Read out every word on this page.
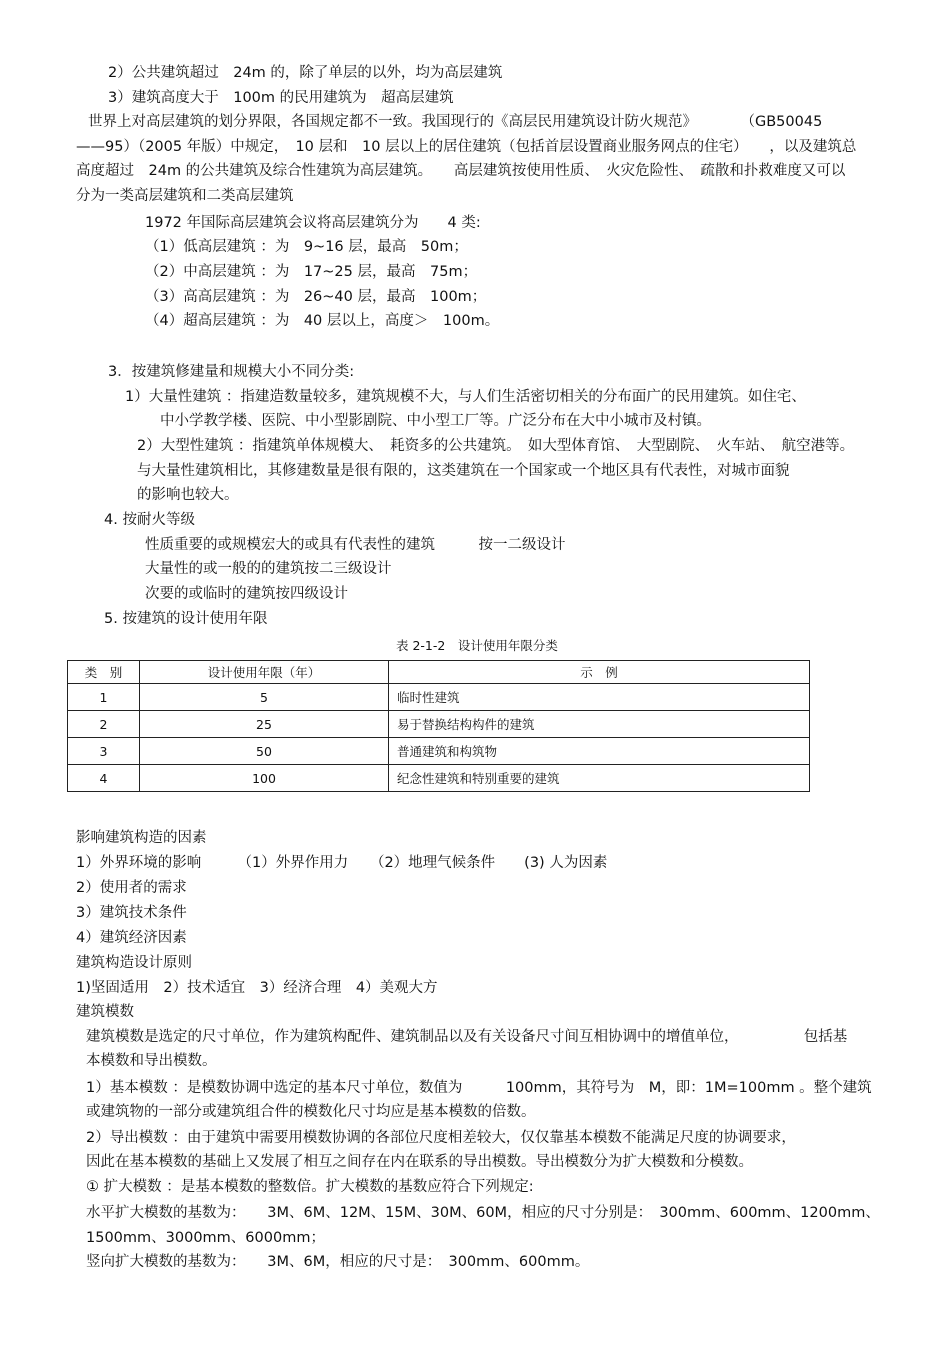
2）公共建筑超过　24m 的，除了单层的以外，均为高层建筑
3）建筑高度大于　100m 的民用建筑为　超高层建筑
世界上对高层建筑的划分界限，各国规定都不一致。我国现行的《高层民用建筑设计防火规范》　　　　（GB50045
——95）（2005 年版）中规定，　10 层和　10 层以上的居住建筑（包括首层设置商业服务网点的住宅）　　，以及建筑总
高度超过　24m 的公共建筑及综合性建筑为高层建筑。　　高层建筑按使用性质、　火灾危险性、　疏散和扑救难度又可以
分为一类高层建筑和二类高层建筑
1972 年国际高层建筑会议将高层建筑分为　　4 类:
（1）低高层建筑 ：为　9~16 层，最高　50m；
（2）中高层建筑 ：为　17~25 层，最高　75m；
（3）高高层建筑 ：为　26~40 层，最高　100m；
（4）超高层建筑 ：为　40 层以上，高度＞　100m。
3．按建筑修建量和规模大小不同分类:
1）大量性建筑 ：指建造数量较多，建筑规模不大，与人们生活密切相关的分布面广的民用建筑。如住宅、
中小学教学楼、医院、中小型影剧院、中小型工厂等。广泛分布在大中小城市及村镇。
2）大型性建筑 ：指建筑单体规模大、　耗资多的公共建筑。　如大型体育馆、　大型剧院、　火车站、　航空港等。
与大量性建筑相比，其修建数量是很有限的，这类建筑在一个国家或一个地区具有代表性，对城市面貌
的影响也较大。
4. 按耐火等级
性质重要的或规模宏大的或具有代表性的建筑　　　按一二级设计
大量性的或一般的的建筑按二三级设计
次要的或临时的建筑按四级设计
5. 按建筑的设计使用年限
表 2-1-2　设计使用年限分类
类　别	设计使用年限（年）	示　例
1	5	临时性建筑
2	25	易于替换结构构件的建筑
3	50	普通建筑和构筑物
4	100	纪念性建筑和特别重要的建筑
影响建筑构造的因素
1）外界环境的影响　　　（1）外界作用力　　（2）地理气候条件　　(3) 人为因素
2）使用者的需求
3）建筑技术条件
4）建筑经济因素
建筑构造设计原则
1)坚固适用　2）技术适宜　3）经济合理　4）美观大方
建筑模数
建筑模数是选定的尺寸单位，作为建筑构配件、建筑制品以及有关设备尺寸间互相协调中的增值单位，　　　　　包括基
本模数和导出模数。
1）基本模数 ：是模数协调中选定的基本尺寸单位，数值为　　　100mm，其符号为　M，即：1M=100mm 。整个建筑
或建筑物的一部分或建筑组合件的模数化尺寸均应是基本模数的倍数。
2）导出模数 ：由于建筑中需要用模数协调的各部位尺度相差较大，仅仅靠基本模数不能满足尺度的协调要求，
因此在基本模数的基础上又发展了相互之间存在内在联系的导出模数。导出模数分为扩大模数和分模数。
① 扩大模数 ：是基本模数的整数倍。扩大模数的基数应符合下列规定:
水平扩大模数的基数为：　　3M、6M、12M、15M、30M、60M，相应的尺寸分别是：　300mm、600mm、1200mm、
1500mm、3000mm、6000mm；
竖向扩大模数的基数为：　　3M、6M，相应的尺寸是：　300mm、600mm。
